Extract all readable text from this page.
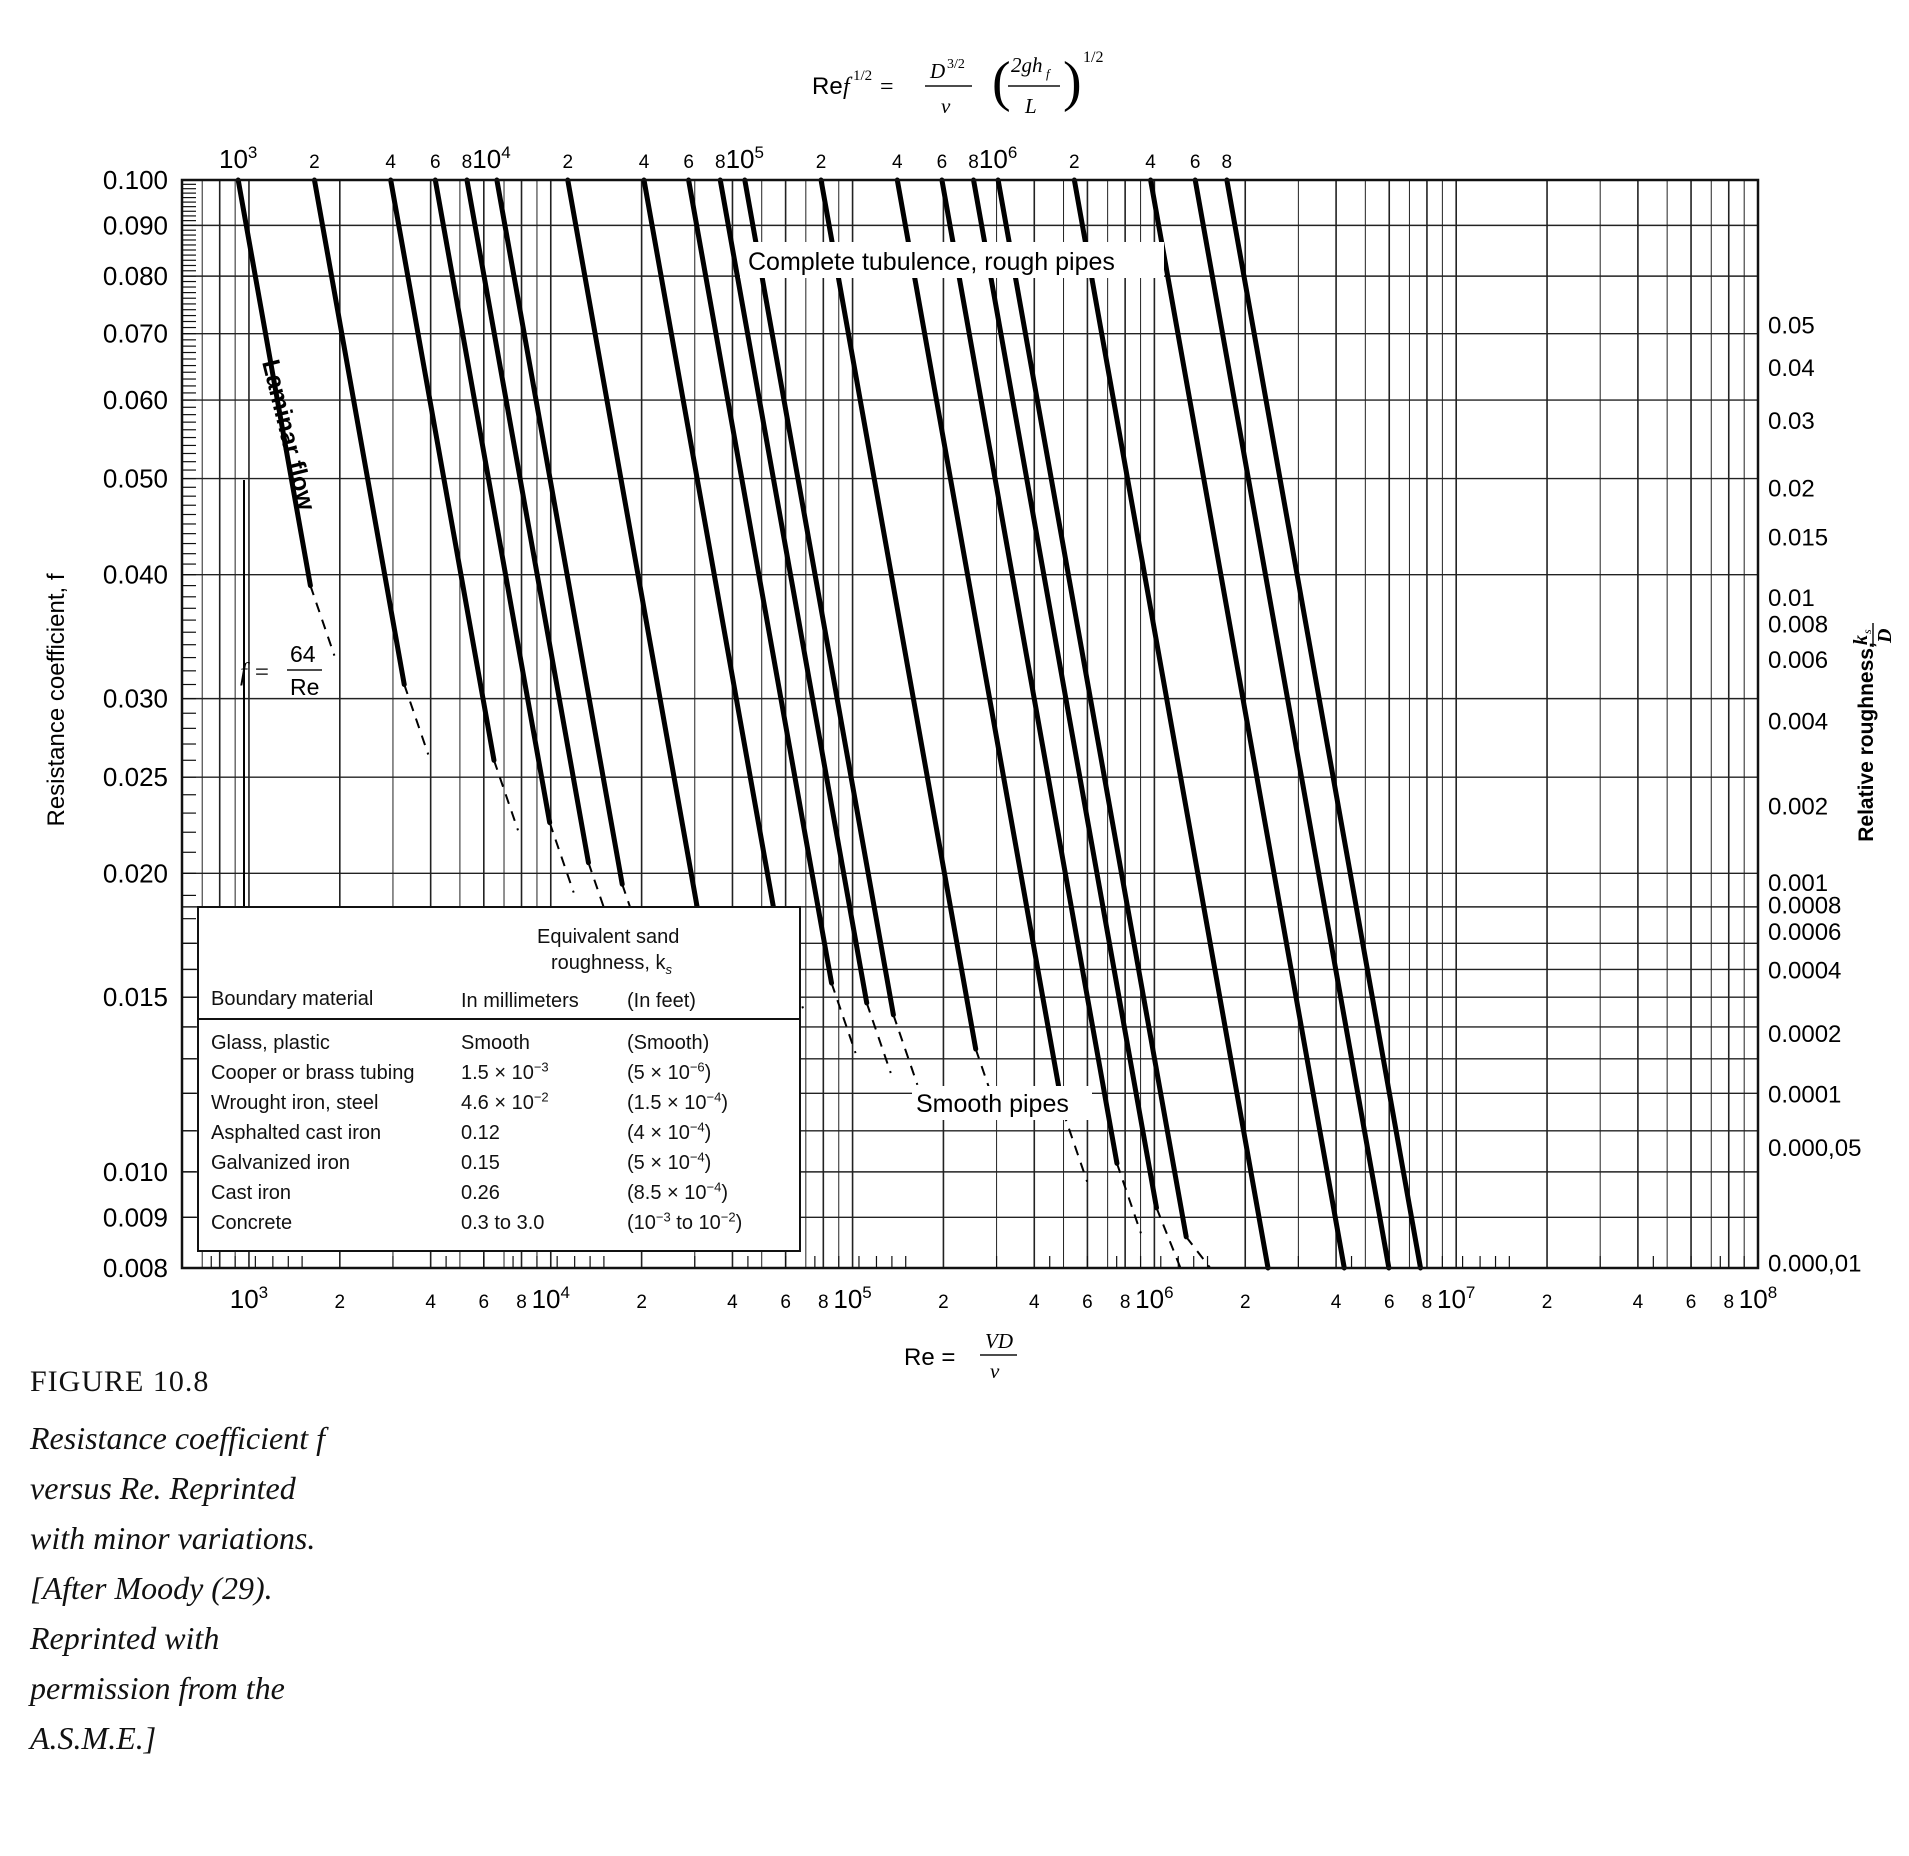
0.100
0.090
0.080
0.070
0.060
0.050
0.040
0.030
0.025
0.020
0.015
0.010
0.009
0.008
$10^3$	2	4 6 8 $10^4$	2	4 6 8 $10^5$	2	4 6 8 $10^6$	2	4 6 8 $10^7$	2	4 6 8 $10^8$
$10^3$	2	4 6 8 $10^4$	2	4 6 8 $10^5$	2	4 6 8 $10^6$	2	4 6 8
0.05
0.04
0.03
0.02
0.015
0.01
0.008
0.006
0.004
0.002
0.001
0.0008
0.0006
0.0004
0.0002
0.0001
0.000,05
0.000,01
Re f 1/2 =
D 3/2
ν ( 2gh f
L ) 1/2
Re =
VD
ν
Resistance coefficient, f	Relative roughness,
k
s D
Laminar flow
f =
64
Re
Complete tubulence, rough pipes
Smooth pipes
Equivalent sand
roughness, $k_s$
Boundary material	In millimeters (In feet)
Glass, plastic	Smooth	(Smooth)
Cooper or brass tubing $1.5 \times 10^{-3}$	$(5 \times 10^{-6})$
Wrought iron, steel	$4.6 \times 10^{-2}$	$(1.5 \times 10^{-4})$
Asphalted cast iron	0.12	$(4 \times 10^{-4})$
Galvanized iron	0.15	$(5 \times 10^{-4})$
Cast iron	0.26	$(8.5 \times 10^{-4})$
Concrete	0.3 to 3.0	($10^{-3}$ to $10^{-2}$)
FIGURE 10.8
Resistance coefficient f
versus Re. Reprinted
with minor variations.
[After Moody (29).
Reprinted with
permission from the
A.S.M.E.]
